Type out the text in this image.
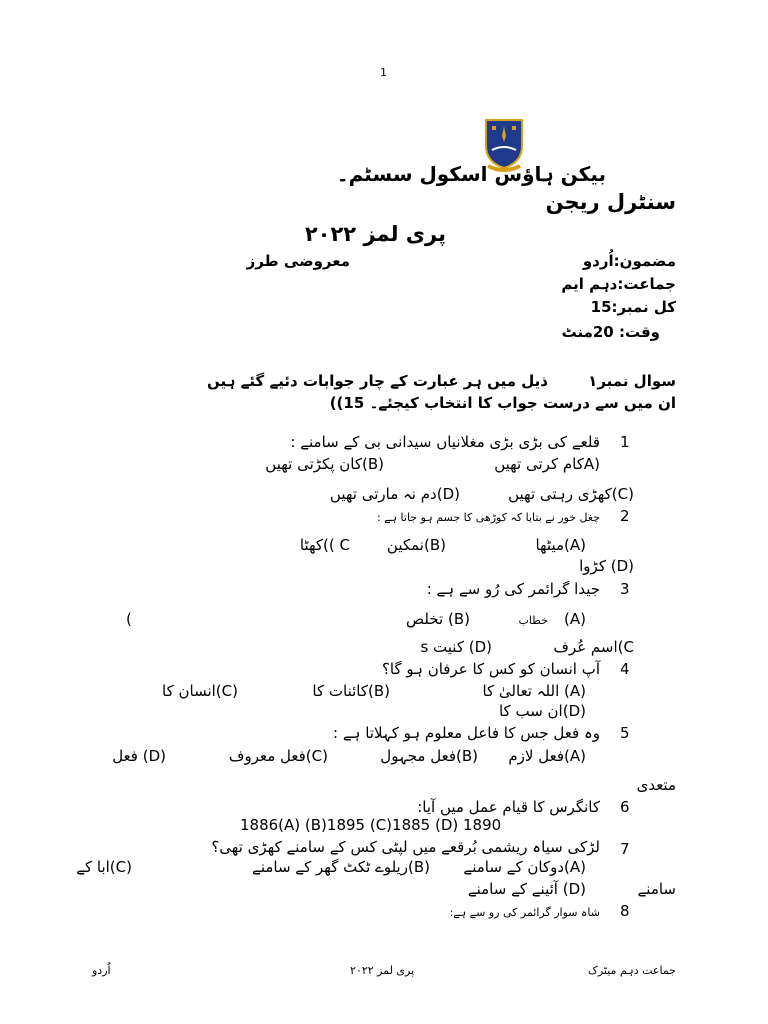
1
بیکن ہاؤس اسکول سسٹم۔
سنٹرل ریجن
پری لمز ۲۰۲۲
مضمون:اُردو
معروضی طرز
جماعت:دہم ایم
کل نمبر:15
وقت: 20منٹ
سوال نمبر۱
ذیل میں ہر عبارت کے چار جوابات دئیے گئے ہیں
ان میں سے درست جواب کا انتخاب کیجئے۔ 15))
1
قلعے کی بڑی بڑی مغلانیاں سیدانی بی کے سامنے :
(Aکام کرتی تھیں
(B)کان پکڑتی تھیں
(C)کھڑی رہتی تھیں
(D)دم نہ مارتی تھیں
2
چغل خور نے بتایا کہ کوڑھی کا جسم ہو جاتا ہے :
(A)میٹھا
(B)نمکین
C ))کھٹا
(D) کڑوا
3
جیدا گرائمر کی رُو سے ہے :
(A)
خطاب
(B) تخلص
(
C)اسم عُرف
(D) کنیت s
4
آپ انسان کو کس کا عرفان ہو گا؟
(A) اللہ تعالیٰ کا
(B)کائنات کا
(C)انسان کا
(D)ان سب کا
5
وہ فعل جس کا فاعل معلوم ہو کہلاتا ہے :
(A)فعل لازم
(B)فعل مجہول
(C)فعل معروف
(D) فعل
متعدی
6
کانگرس کا قیام عمل میں آیا:
1886(A) (B)1895 (C)1885 (D) 1890
7
لڑکی سیاہ ریشمی بُرقعے میں لپٹی کس کے سامنے کھڑی تھی؟
(A)دوکان کے سامنے
(B)ریلوے ٹکٹ گھر کے سامنے
(C)ابا کے
سامنے
(D) آئینے کے سامنے
8
شاہ سوار گرائمر کی رو سے ہے:
اُردو	پری لمز ۲۰۲۲	جماعت دہم میٹرک
